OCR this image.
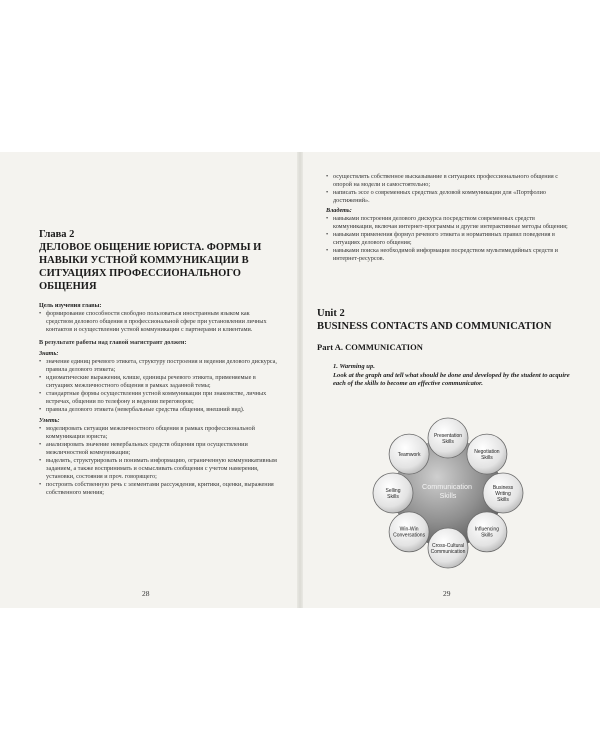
Глава 2
ДЕЛОВОЕ ОБЩЕНИЕ ЮРИСТА. ФОРМЫ И НАВЫКИ УСТНОЙ КОММУНИКАЦИИ В СИТУАЦИЯХ ПРОФЕССИОНАЛЬНОГО ОБЩЕНИЯ
Цель изучения главы:
• формирование способности свободно пользоваться иностранным языком как средством делового общения в профессиональной сфере при установлении личных контактов и осуществлении устной коммуникации с партнерами и клиентами.
В результате работы над главой магистрант должен:
Знать:
• значение единиц речевого этикета, структуру построения и ведения делового дискурса, правила делового этикета;
• идиоматические выражения, клише, единицы речевого этикета, применяемые в ситуациях межличностного общения в рамках заданной темы;
• стандартные формы осуществления устной коммуникации при знакомстве, личных встречах, общении по телефону и ведении переговоров;
• правила делового этикета (невербальные средства общения, внешний вид).
Уметь:
• моделировать ситуации межличностного общения в рамках профессиональной коммуникации юриста;
• анализировать значение невербальных средств общения при осуществлении межличностной коммуникации;
• выделять, структурировать и понимать информацию, ограниченную коммуникативным заданием, а также воспринимать и осмысливать сообщения с учетом намерения, установки, состояния и проч. говорящего;
• построить собственную речь с элементами рассуждения, критики, оценки, выражения собственного мнения;
28
• осуществлять собственное высказывание в ситуациях профессионального общения с опорой на модели и самостоятельно;
• написать эссе о современных средствах деловой коммуникации для «Портфолио достижений».
Владеть:
• навыками построения делового дискурса посредством современных средств коммуникации, включая интернет-программы и другие интерактивные методы общения;
• навыками применения формул речевого этикета и нормативных правил поведения в ситуациях делового общения;
• навыками поиска необходимой информации посредством мультимедийных средств и интернет-ресурсов.
Unit 2
BUSINESS CONTACTS AND COMMUNICATION
Part A. COMMUNICATION
1. Warming up.
Look at the graph and tell what should be done and developed by the student to acquire each of the skills to become an effective communicator.
Presentation Skills
Negotiation Skills
Business Writing Skills
Influencing Skills
Cross-Cultural Communication
Win-Win Conversations
Selling Skills
Teamwork
Communication Skills
29
